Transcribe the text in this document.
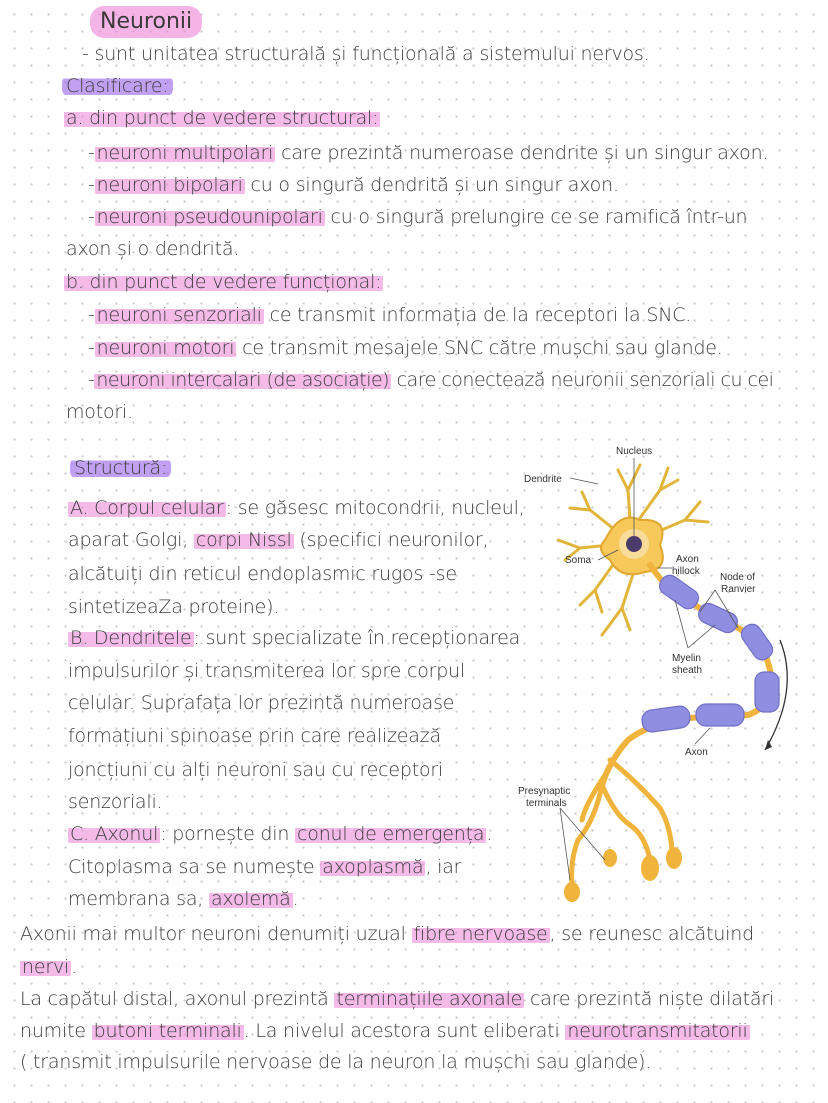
Neuronii
- sunt unitatea structurală și funcțională a sistemului nervos.
Clasificare:
a. din punct de vedere structural:
- neuroni multipolari care prezintă numeroase dendrite și un singur axon.
- neuroni bipolari cu o singură dendrită și un singur axon.
- neuroni pseudounipolari cu o singură prelungire ce se ramifică într-un
axon și o dendrită.
b. din punct de vedere funcțional:
- neuroni senzoriali ce transmit informația de la receptori la SNC.
- neuroni motori ce transmit mesajele SNC către mușchi sau glande.
- neuroni intercalari (de asociație) care conectează neuronii senzoriali cu cei
motori.
Structură:
A. Corpul celular : se găsesc mitocondrii, nucleul,
aparat Golgi, corpi Nissl (specifici neuronilor,
alcătuiți din reticul endoplasmic rugos -se
sintetizeaZa proteine).
B. Dendritele : sunt specializate în recepționarea
impulsurilor și transmiterea lor spre corpul
celular. Suprafața lor prezintă numeroase
formațiuni spinoase prin care realizează
joncțiuni cu alți neuroni sau cu receptori
senzoriali.
C. Axonul : pornește din conul de emergența .
Citoplasma sa se numește axoplasmă , iar
membrana sa, axolemă .
Axonii mai multor neuroni denumiți uzual fibre nervoase , se reunesc alcătuind
nervi .
La capătul distal, axonul prezintă terminațiile axonale care prezintă niște dilatări
numite butoni terminali . La nivelul acestora sunt eliberati neurotransmitatorii
( transmit impulsurile nervoase de la neuron la mușchi sau glande).
Nucleus
Dendrite
Soma	Axon
hillock
Node of
Ranvier
Myelin
sheath
Axon
Presynaptic
terminals
